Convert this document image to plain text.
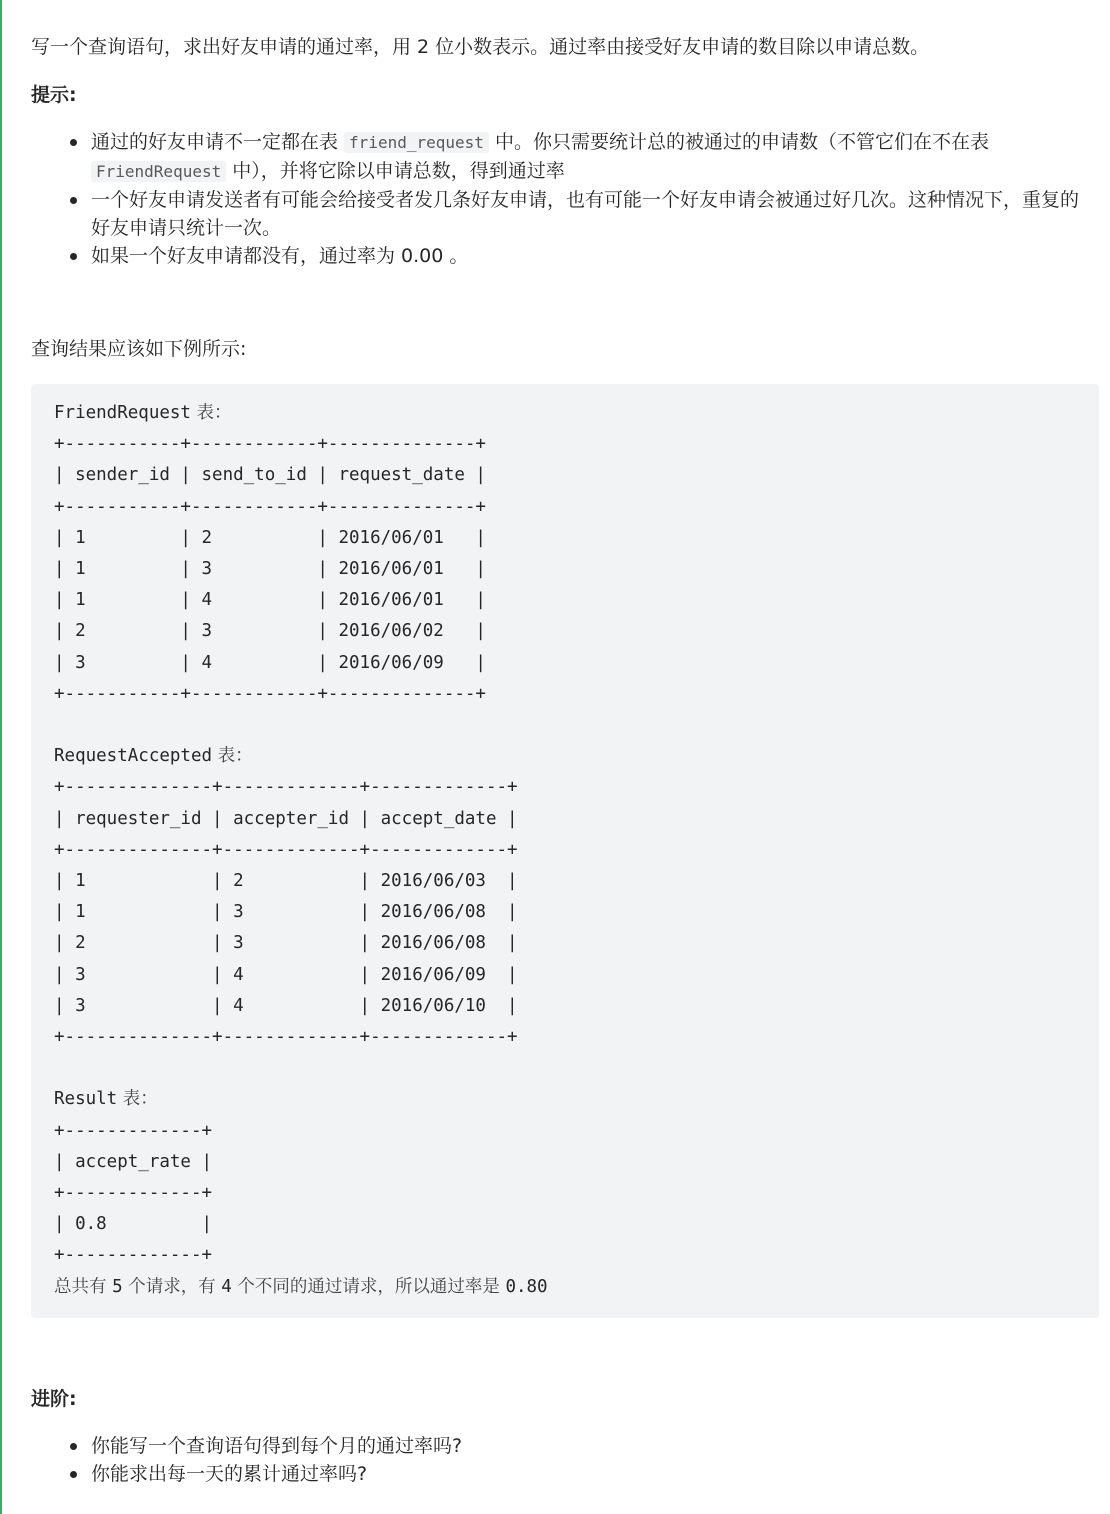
写一个查询语句，求出好友申请的通过率，用 2 位小数表示。通过率由接受好友申请的数目除以申请总数。
提示:
通过的好友申请不一定都在表 friend_request 中。你只需要统计总的被通过的申请数（不管它们在不在表 FriendRequest 中），并将它除以申请总数，得到通过率
一个好友申请发送者有可能会给接受者发几条好友申请，也有可能一个好友申请会被通过好几次。这种情况下，重复的好友申请只统计一次。
如果一个好友申请都没有，通过率为 0.00 。
查询结果应该如下例所示:
FriendRequest 表：
+-----------+------------+--------------+
| sender_id | send_to_id | request_date |
+-----------+------------+--------------+
| 1         | 2          | 2016/06/01   |
| 1         | 3          | 2016/06/01   |
| 1         | 4          | 2016/06/01   |
| 2         | 3          | 2016/06/02   |
| 3         | 4          | 2016/06/09   |
+-----------+------------+--------------+

RequestAccepted 表：
+--------------+-------------+-------------+
| requester_id | accepter_id | accept_date |
+--------------+-------------+-------------+
| 1            | 2           | 2016/06/03  |
| 1            | 3           | 2016/06/08  |
| 2            | 3           | 2016/06/08  |
| 3            | 4           | 2016/06/09  |
| 3            | 4           | 2016/06/10  |
+--------------+-------------+-------------+

Result 表：
+-------------+
| accept_rate |
+-------------+
| 0.8         |
+-------------+
总共有 5 个请求，有 4 个不同的通过请求，所以通过率是 0.80
进阶:
你能写一个查询语句得到每个月的通过率吗?
你能求出每一天的累计通过率吗?
